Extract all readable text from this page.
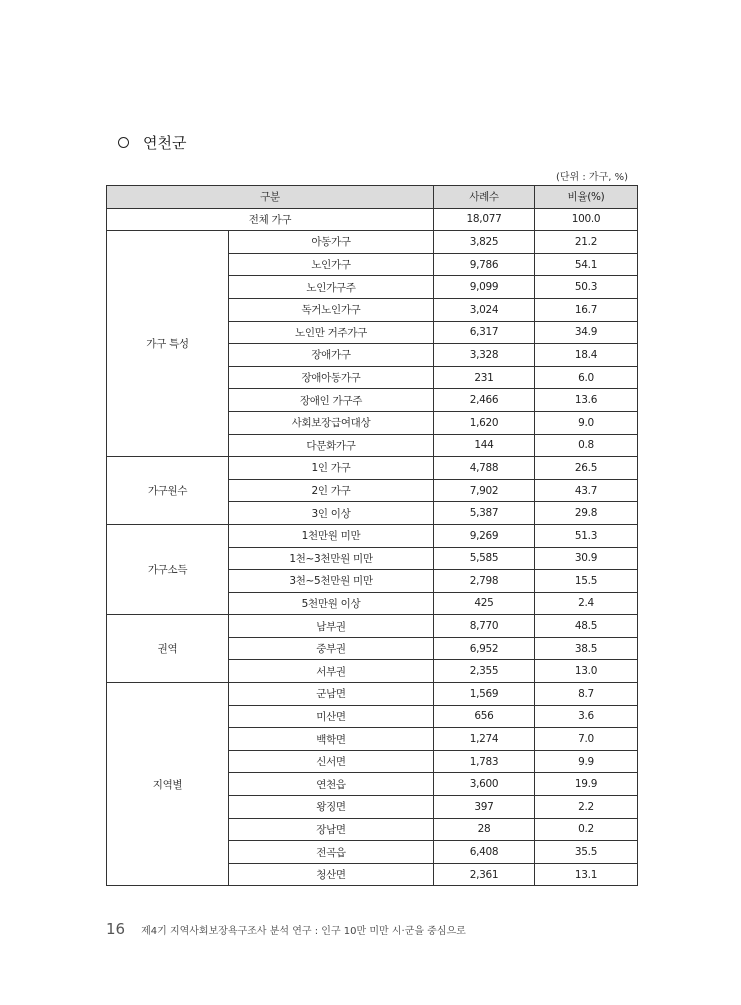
연천군
(단위 : 가구, %)
구분		사례수	비율(%)
전체 가구		18,077	100.0
가구 특성	아동가구	3,825	21.2
	노인가구	9,786	54.1
	노인가구주	9,099	50.3
	독거노인가구	3,024	16.7
	노인만 거주가구	6,317	34.9
	장애가구	3,328	18.4
	장애아동가구	231	6.0
	장애인 가구주	2,466	13.6
	사회보장급여대상	1,620	9.0
	다문화가구	144	0.8
가구원수	1인 가구	4,788	26.5
	2인 가구	7,902	43.7
	3인 이상	5,387	29.8
가구소득	1천만원 미만	9,269	51.3
	1천~3천만원 미만	5,585	30.9
	3천~5천만원 미만	2,798	15.5
	5천만원 이상	425	2.4
권역	남부권	8,770	48.5
	중부권	6,952	38.5
	서부권	2,355	13.0
지역별	군남면	1,569	8.7
	미산면	656	3.6
	백학면	1,274	7.0
	신서면	1,783	9.9
	연천읍	3,600	19.9
	왕징면	397	2.2
	장남면	28	0.2
	전곡읍	6,408	35.5
	청산면	2,361	13.1
16 제4기 지역사회보장욕구조사 분석 연구 : 인구 10만 미만 시·군을 중심으로
